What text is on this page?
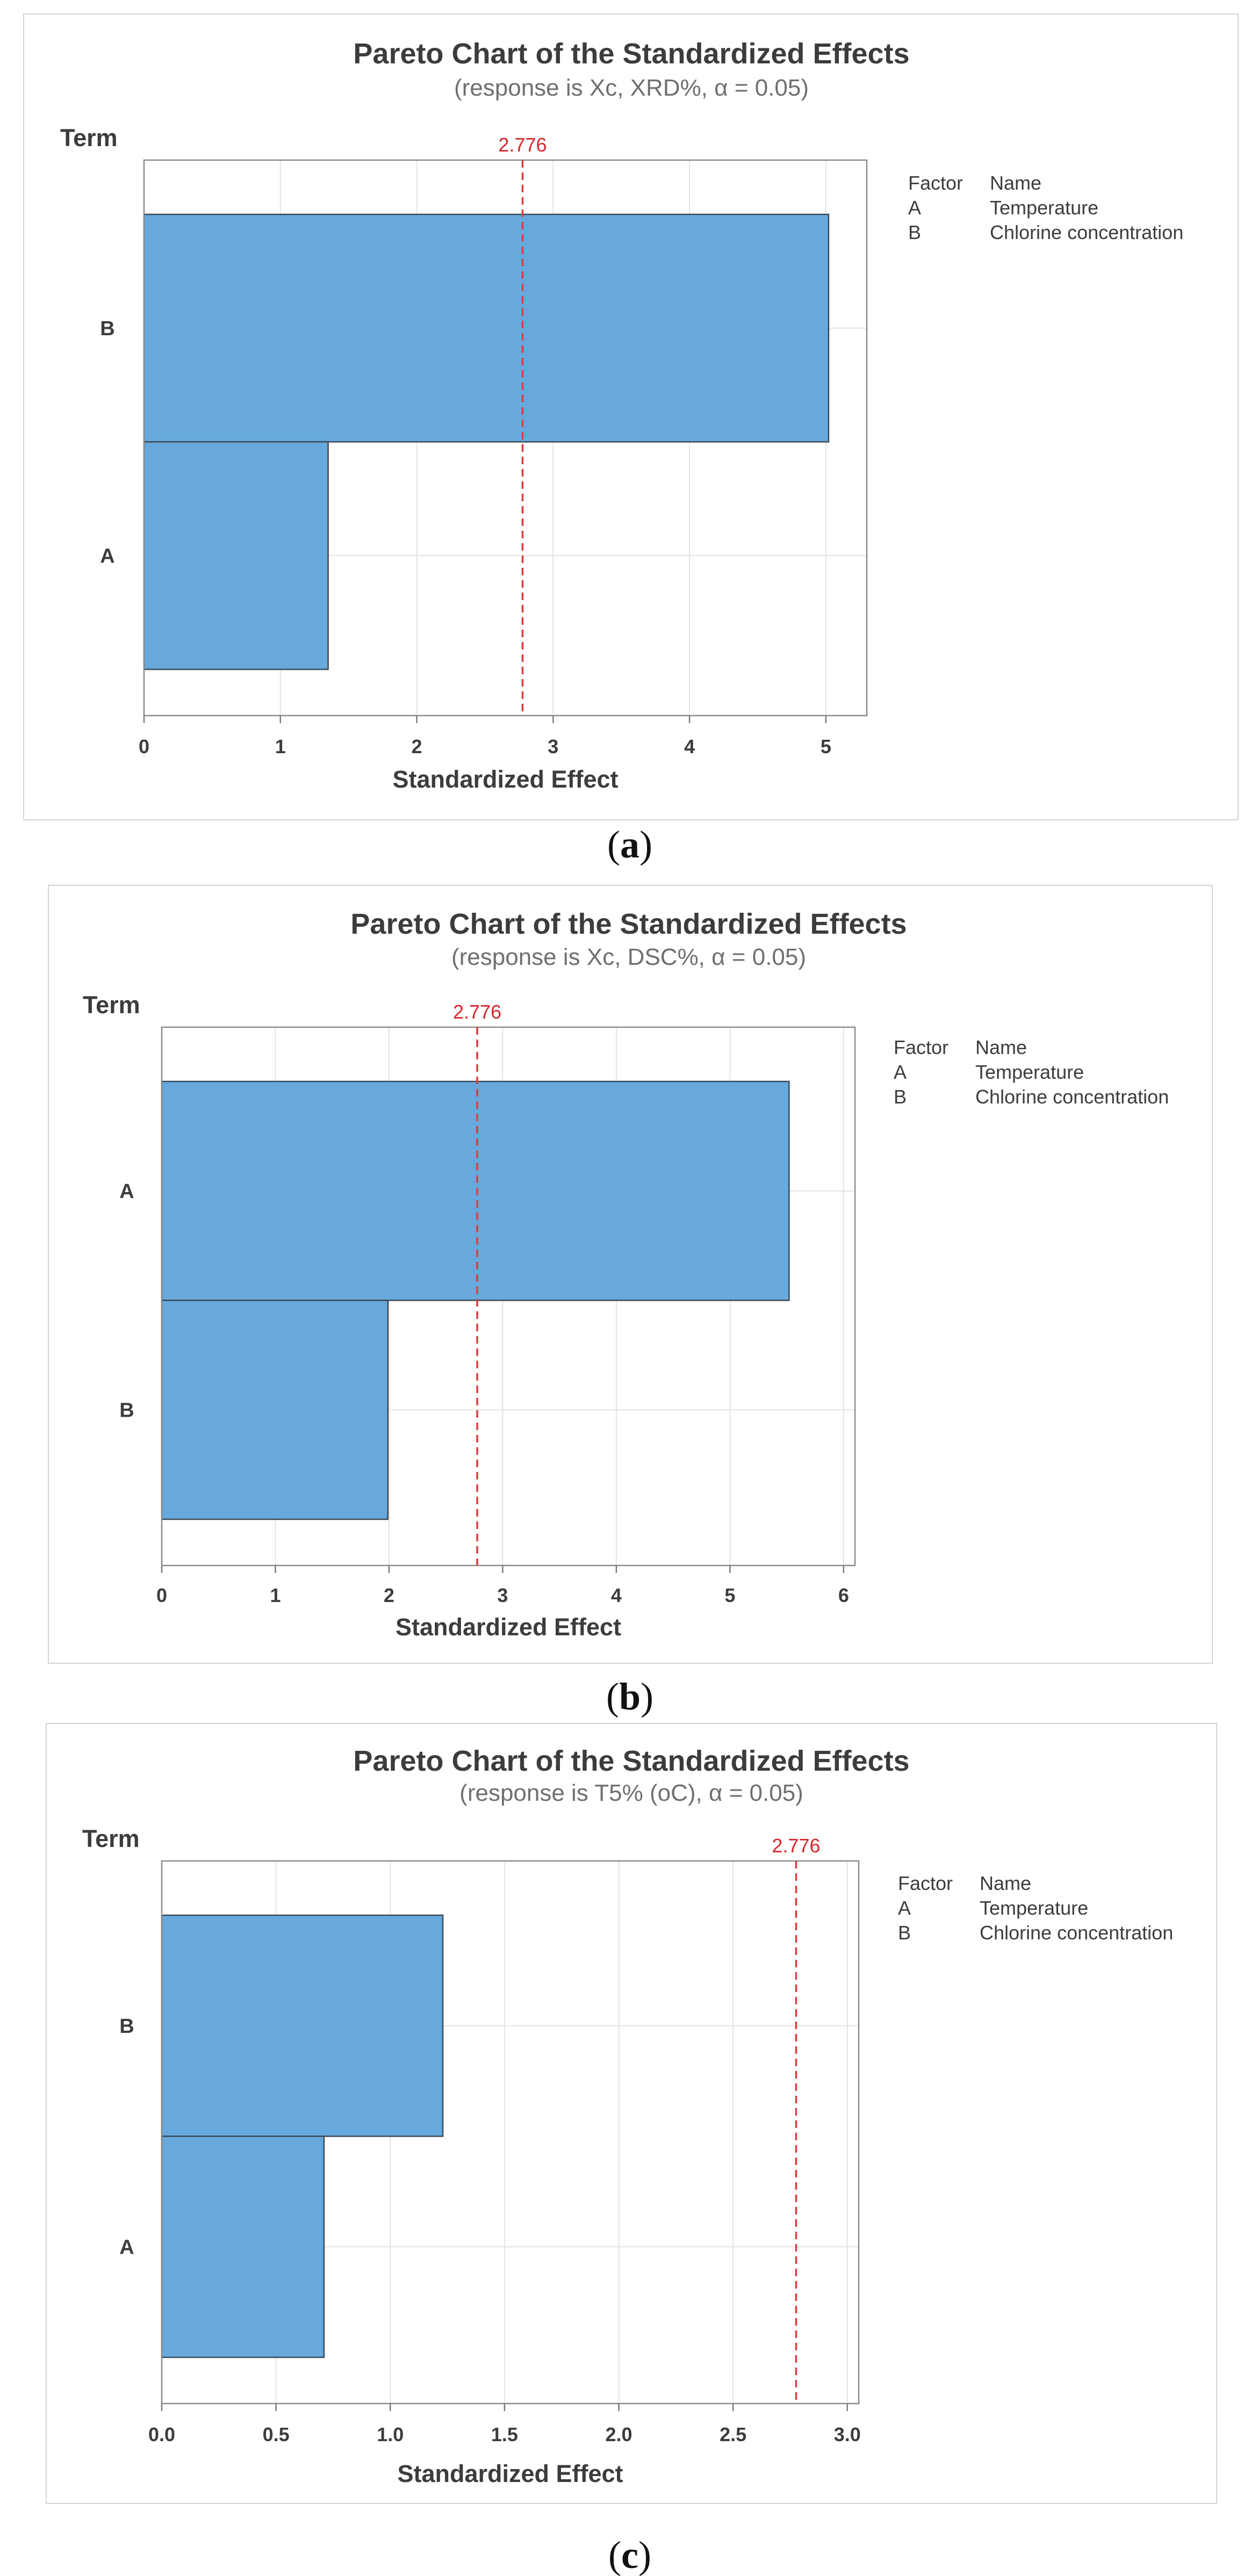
Pareto Chart of the Standardized Effects
(response is Xc, XRD%, α = 0.05)
Term
B
A
0	1	2	3	4	5
Standardized Effect
2.776
Factor Name
A	Temperature
B	Chlorine concentration
(a)
Pareto Chart of the Standardized Effects
(response is Xc, DSC%, α = 0.05)
Term
A
B
0	1	2	3	4	5	6
Standardized Effect
2.776
Factor Name
A	Temperature
B	Chlorine concentration
(b)
Pareto Chart of the Standardized Effects
(response is T5% (oC), α = 0.05)
Term
B
A
0.0	0.5	1.0	1.5	2.0	2.5	3.0
Standardized Effect
2.776
Factor Name
A	Temperature
B	Chlorine concentration
(c)
